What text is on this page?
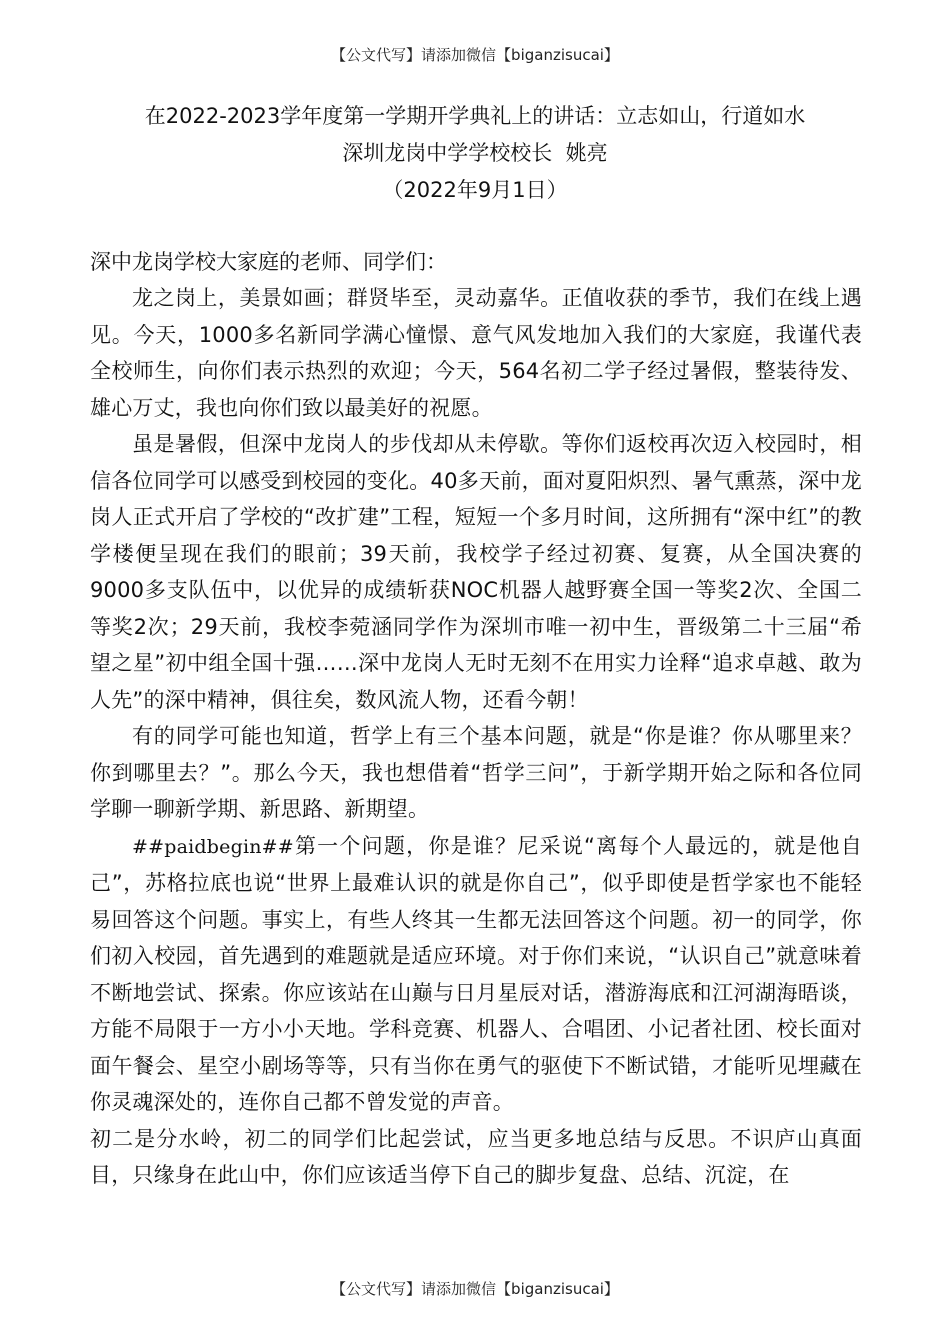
【公文代写】请添加微信【biganzisucai】
在2022-2023学年度第一学期开学典礼上的讲话：立志如山，行道如水
深圳龙岗中学学校校长  姚亮
（2022年9月1日）

深中龙岗学校大家庭的老师、同学们：

龙之岗上，美景如画；群贤毕至，灵动嘉华。正值收获的季节，我们在线上遇见。今天，1000多名新同学满心憧憬、意气风发地加入我们的大家庭，我谨代表全校师生，向你们表示热烈的欢迎；今天，564名初二学子经过暑假，整装待发、雄心万丈，我也向你们致以最美好的祝愿。

虽是暑假，但深中龙岗人的步伐却从未停歇。等你们返校再次迈入校园时，相信各位同学可以感受到校园的变化。40多天前，面对夏阳炽烈、暑气熏蒸，深中龙岗人正式开启了学校的“改扩建”工程，短短一个多月时间，这所拥有“深中红”的教学楼便呈现在我们的眼前；39天前，我校学子经过初赛、复赛，从全国决赛的9000多支队伍中，以优异的成绩斩获NOC机器人越野赛全国一等奖2次、全国二等奖2次；29天前，我校李菀涵同学作为深圳市唯一初中生，晋级第二十三届“希望之星”初中组全国十强……深中龙岗人无时无刻不在用实力诠释“追求卓越、敢为人先”的深中精神，俱往矣，数风流人物，还看今朝！

有的同学可能也知道，哲学上有三个基本问题，就是“你是谁？你从哪里来？你到哪里去？”。那么今天，我也想借着“哲学三问”，于新学期开始之际和各位同学聊一聊新学期、新思路、新期望。

##paidbegin##第一个问题，你是谁？尼采说“离每个人最远的，就是他自己”，苏格拉底也说“世界上最难认识的就是你自己”，似乎即使是哲学家也不能轻易回答这个问题。事实上，有些人终其一生都无法回答这个问题。初一的同学，你们初入校园，首先遇到的难题就是适应环境。对于你们来说，“认识自己”就意味着不断地尝试、探索。你应该站在山巅与日月星辰对话，潜游海底和江河湖海晤谈，方能不局限于一方小小天地。学科竞赛、机器人、合唱团、小记者社团、校长面对面午餐会、星空小剧场等等，只有当你在勇气的驱使下不断试错，才能听见埋藏在你灵魂深处的，连你自己都不曾发觉的声音。

初二是分水岭，初二的同学们比起尝试，应当更多地总结与反思。不识庐山真面目，只缘身在此山中，你们应该适当停下自己的脚步复盘、总结、沉淀，在

【公文代写】请添加微信【biganzisucai】
